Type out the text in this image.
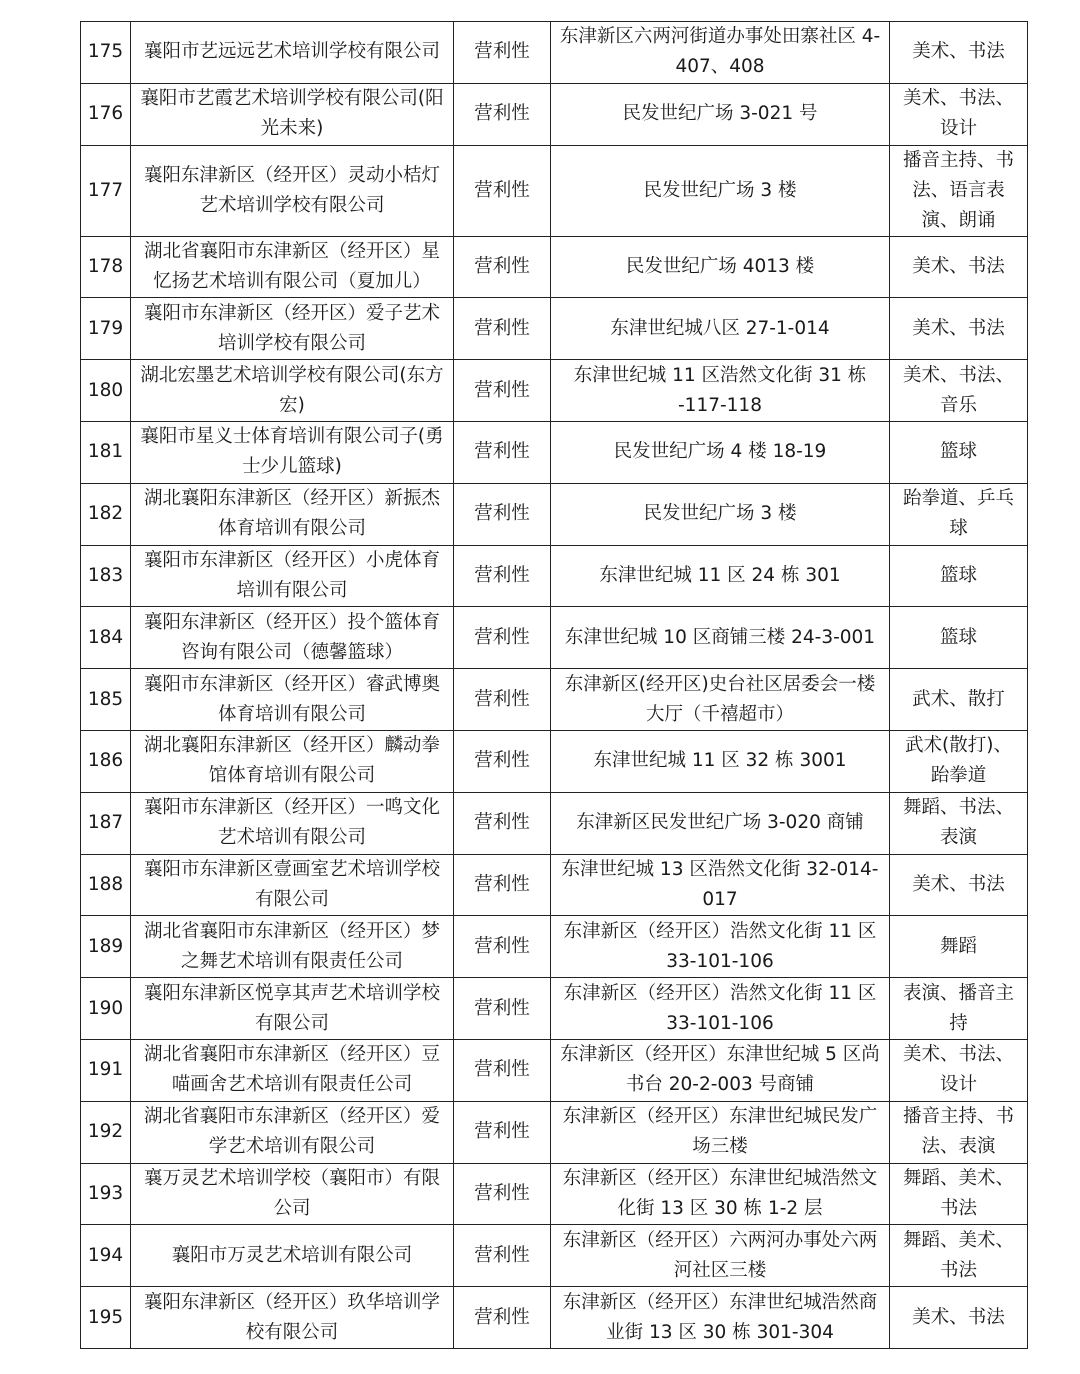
175	襄阳市艺远远艺术培训学校有限公司	营利性	东津新区六两河街道办事处田寨社区 4-407、408	美术、书法
176	襄阳市艺霞艺术培训学校有限公司(阳光未来)	营利性	民发世纪广场 3-021 号	美术、书法、设计
177	襄阳东津新区（经开区）灵动小桔灯艺术培训学校有限公司	营利性	民发世纪广场 3 楼	播音主持、书法、语言表演、朗诵
178	湖北省襄阳市东津新区（经开区）星忆扬艺术培训有限公司（夏加儿）	营利性	民发世纪广场 4013 楼	美术、书法
179	襄阳市东津新区（经开区）爱子艺术培训学校有限公司	营利性	东津世纪城八区 27-1-014	美术、书法
180	湖北宏墨艺术培训学校有限公司(东方宏)	营利性	东津世纪城 11 区浩然文化街 31 栋 -117-118	美术、书法、音乐
181	襄阳市星义士体育培训有限公司子(勇士少儿篮球)	营利性	民发世纪广场 4 楼 18-19	篮球
182	湖北襄阳东津新区（经开区）新振杰体育培训有限公司	营利性	民发世纪广场 3 楼	跆拳道、乒乓球
183	襄阳市东津新区（经开区）小虎体育培训有限公司	营利性	东津世纪城 11 区 24 栋 301	篮球
184	襄阳东津新区（经开区）投个篮体育咨询有限公司（德馨篮球）	营利性	东津世纪城 10 区商铺三楼 24-3-001	篮球
185	襄阳市东津新区（经开区）睿武博奥体育培训有限公司	营利性	东津新区(经开区)史台社区居委会一楼大厅（千禧超市）	武术、散打
186	湖北襄阳东津新区（经开区）麟动拳馆体育培训有限公司	营利性	东津世纪城 11 区 32 栋 3001	武术(散打)、跆拳道
187	襄阳市东津新区（经开区）一鸣文化艺术培训有限公司	营利性	东津新区民发世纪广场 3-020 商铺	舞蹈、书法、表演
188	襄阳市东津新区壹画室艺术培训学校有限公司	营利性	东津世纪城 13 区浩然文化街 32-014-017	美术、书法
189	湖北省襄阳市东津新区（经开区）梦之舞艺术培训有限责任公司	营利性	东津新区（经开区）浩然文化街 11 区 33-101-106	舞蹈
190	襄阳东津新区悦享其声艺术培训学校有限公司	营利性	东津新区（经开区）浩然文化街 11 区 33-101-106	表演、播音主持
191	湖北省襄阳市东津新区（经开区）豆喵画舍艺术培训有限责任公司	营利性	东津新区（经开区）东津世纪城 5 区尚书台 20-2-003 号商铺	美术、书法、设计
192	湖北省襄阳市东津新区（经开区）爱学艺术培训有限公司	营利性	东津新区（经开区）东津世纪城民发广场三楼	播音主持、书法、表演
193	襄万灵艺术培训学校（襄阳市）有限公司	营利性	东津新区（经开区）东津世纪城浩然文化街 13 区 30 栋 1-2 层	舞蹈、美术、书法
194	襄阳市万灵艺术培训有限公司	营利性	东津新区（经开区）六两河办事处六两河社区三楼	舞蹈、美术、书法
195	襄阳东津新区（经开区）玖华培训学校有限公司	营利性	东津新区（经开区）东津世纪城浩然商业街 13 区 30 栋 301-304	美术、书法
